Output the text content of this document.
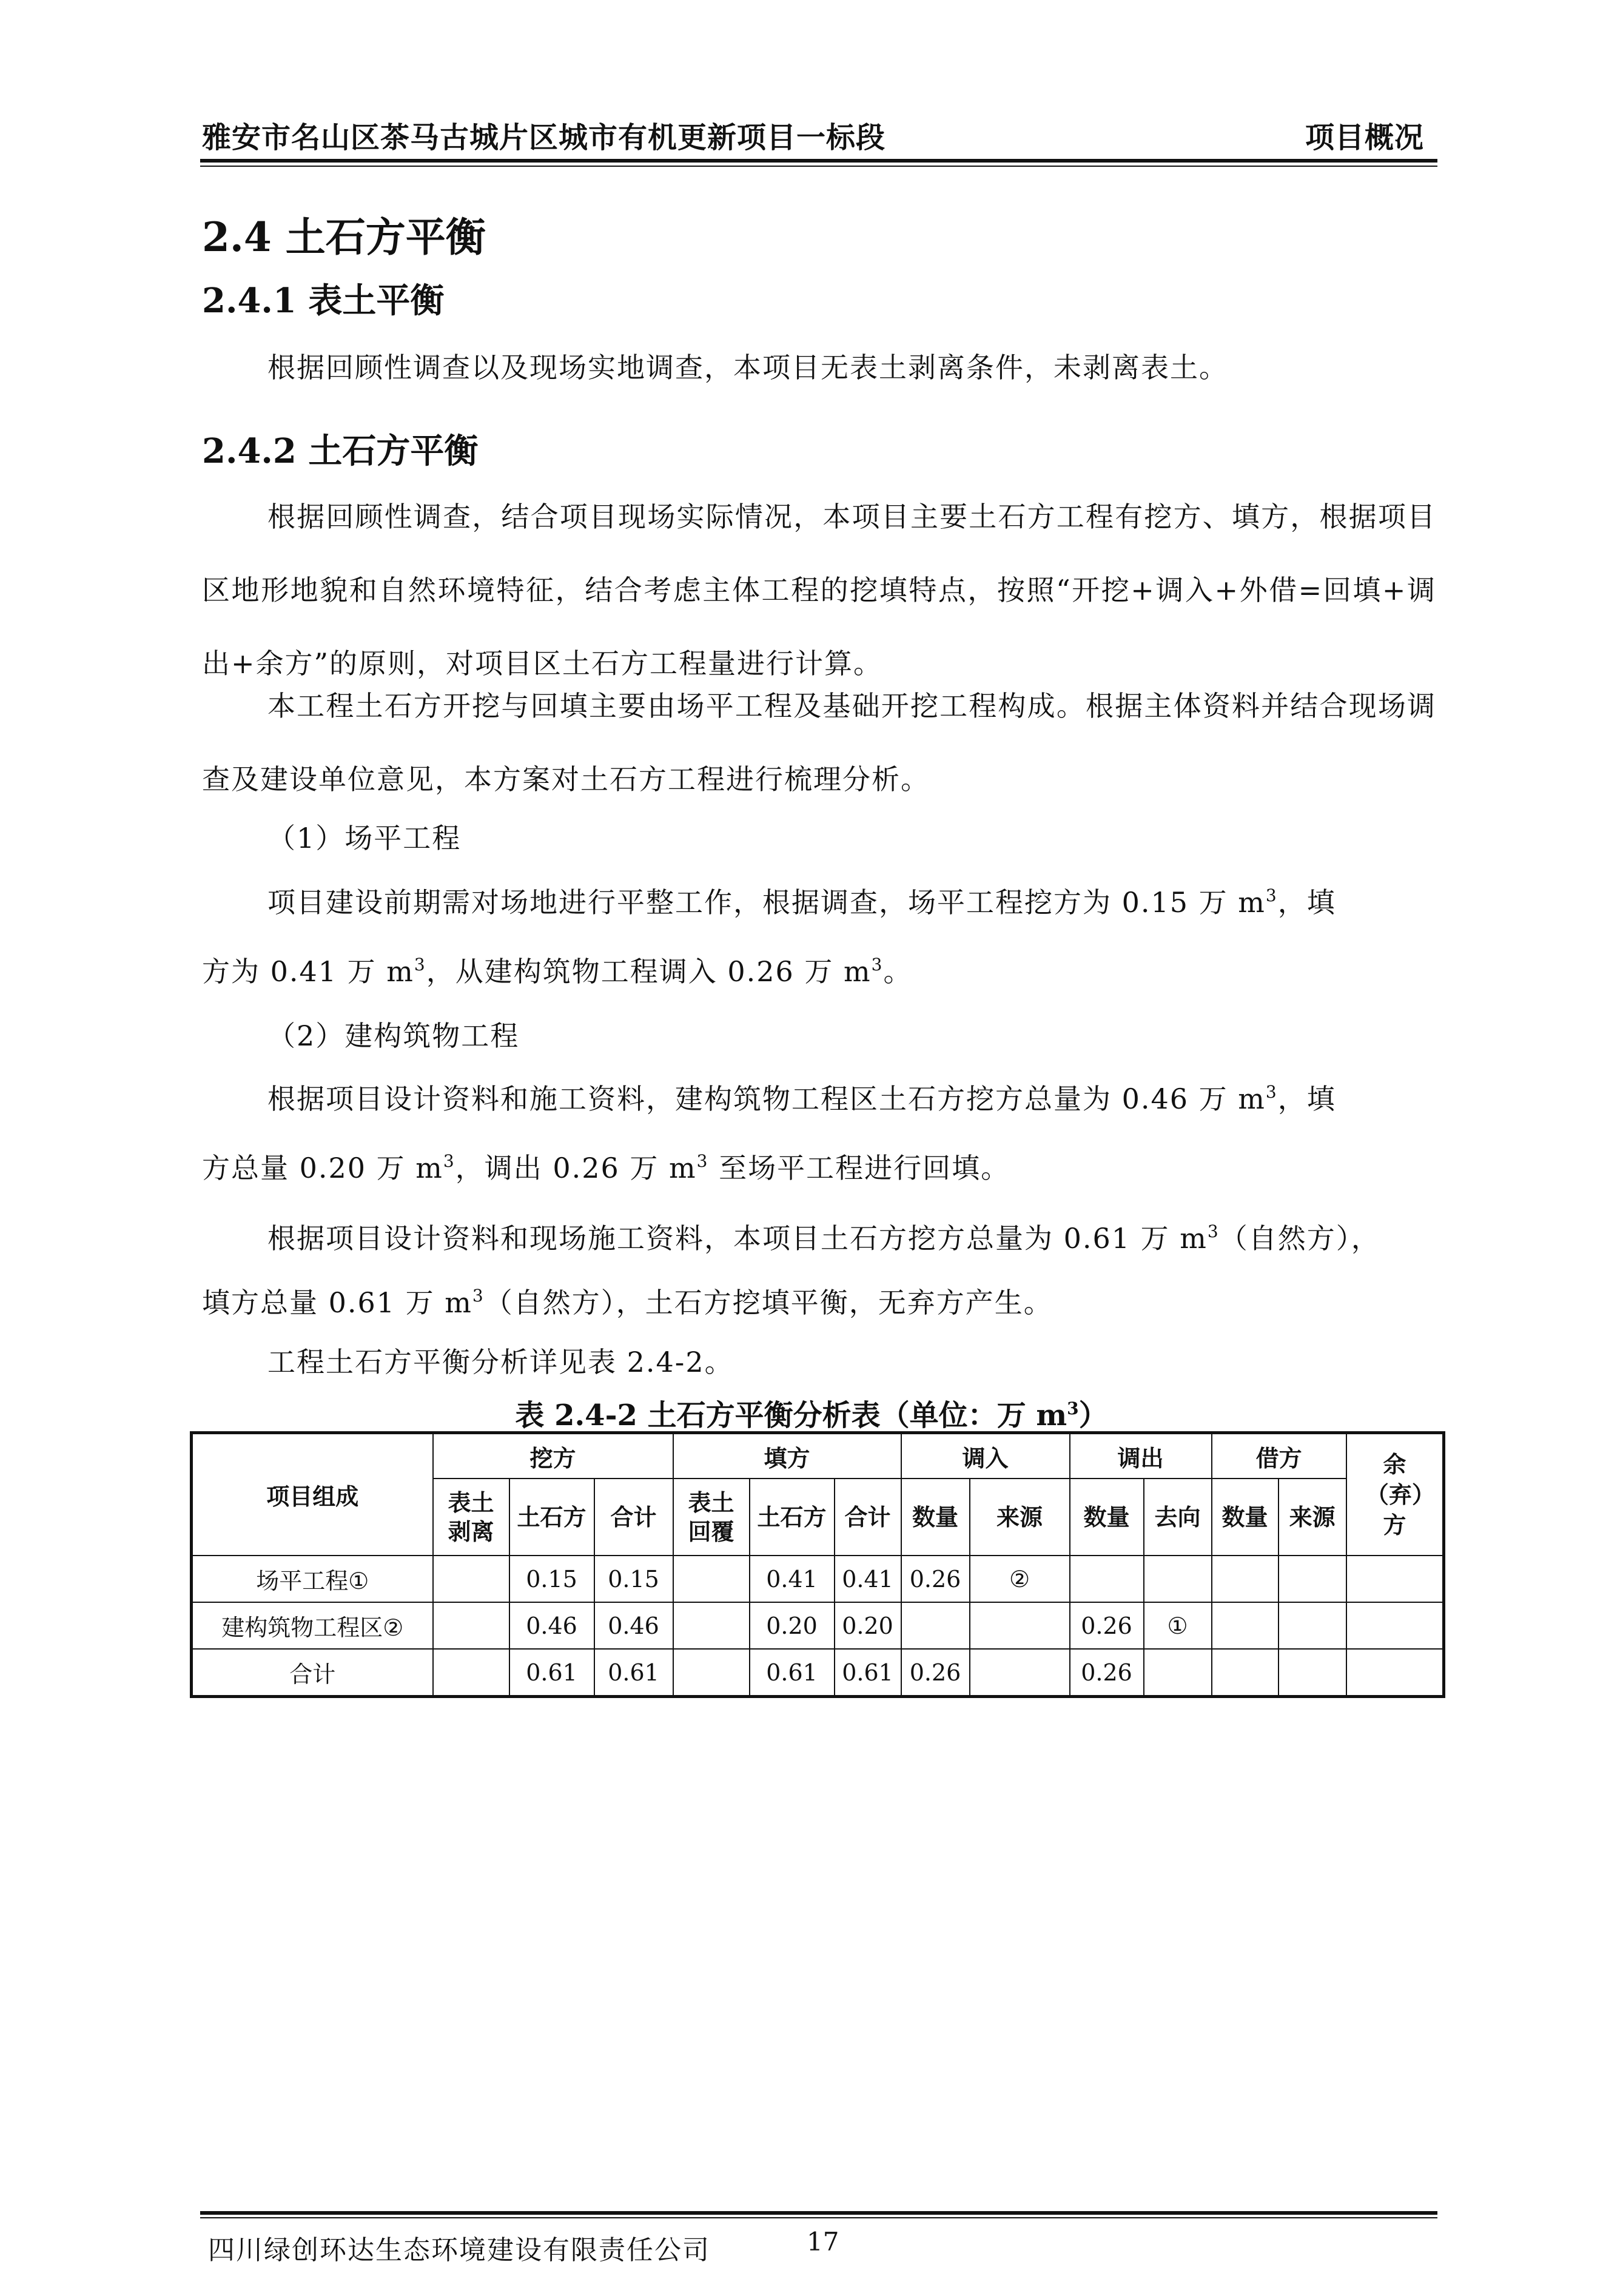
雅安市名山区茶马古城片区城市有机更新项目一标段	项目概况
2.4 土石方平衡
2.4.1 表土平衡
根据回顾性调查以及现场实地调查，本项目无表土剥离条件，未剥离表土。
2.4.2 土石方平衡
根据回顾性调查，结合项目现场实际情况，本项目主要土石方工程有挖方、填方，根据项目区地形地貌和自然环境特征，结合考虑主体工程的挖填特点，按照“开挖+调入+外借=回填+调出+余方”的原则，对项目区土石方工程量进行计算。
本工程土石方开挖与回填主要由场平工程及基础开挖工程构成。根据主体资料并结合现场调查及建设单位意见，本方案对土石方工程进行梳理分析。
（1）场平工程
项目建设前期需对场地进行平整工作，根据调查，场平工程挖方为 0.15 万 $m^3$，填
方为 0.41 万 $m^3$，从建构筑物工程调入 0.26 万 $m^3$。
（2）建构筑物工程
根据项目设计资料和施工资料，建构筑物工程区土石方挖方总量为 0.46 万 $m^3$，填
方总量 0.20 万 $m^3$，调出 0.26 万 $m^3$ 至场平工程进行回填。
根据项目设计资料和现场施工资料，本项目土石方挖方总量为 0.61 万 $m^3$（自然方），
填方总量 0.61 万 $m^3$（自然方），土石方挖填平衡，无弃方产生。
工程土石方平衡分析详见表 2.4-2。
表 2.4-2 土石方平衡分析表（单位：万 $m^3$）
项目组成	挖方			填方			调入		调出		借方		余（弃）方
	表土剥离	土石方	合计	表土回覆	土石方	合计	数量	来源	数量	去向	数量	来源	
场平工程①		0.15	0.15		0.41	0.41	0.26	②					
建构筑物工程区②		0.46	0.46		0.20	0.20			0.26	①			
合计		0.61	0.61		0.61	0.61	0.26		0.26				
四川绿创环达生态环境建设有限责任公司	17
